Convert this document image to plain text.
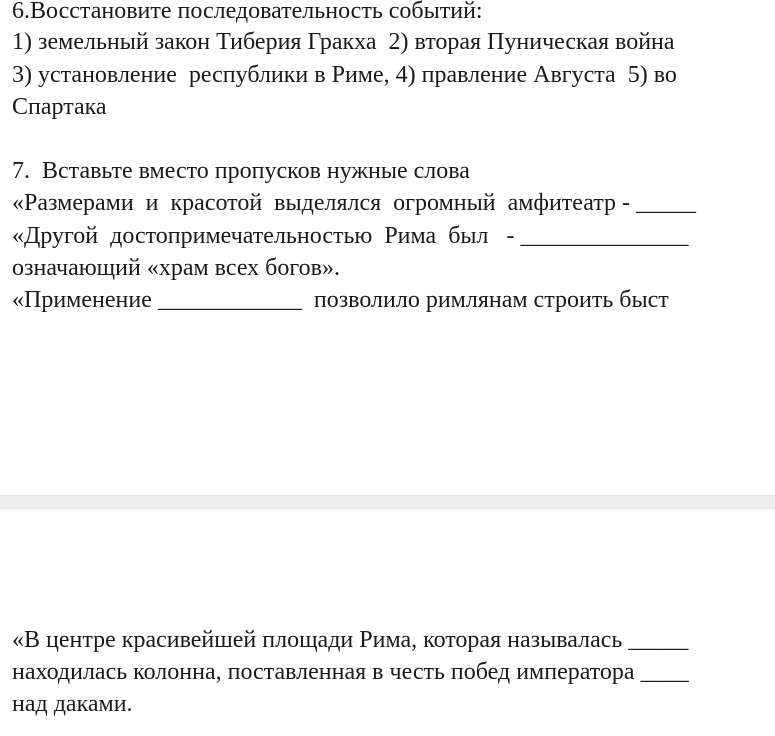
6.Восстановите последовательность событий:
1) земельный закон Тиберия Гракха  2) вторая Пуническая война
3) установление  республики в Риме, 4) правление Августа  5) во
Спартака
7.  Вставьте вместо пропусков нужные слова
«Размерами  и  красотой  выделялся  огромный  амфитеатр - _____
«Другой  достопримечательностью  Рима  был   - ______________
означающий «храм всех богов».
«Применение ____________  позволило римлянам строить быст
«В центре красивейшей площади Рима, которая называлась _____
находилась колонна, поставленная в честь побед императора ____
над даками.
